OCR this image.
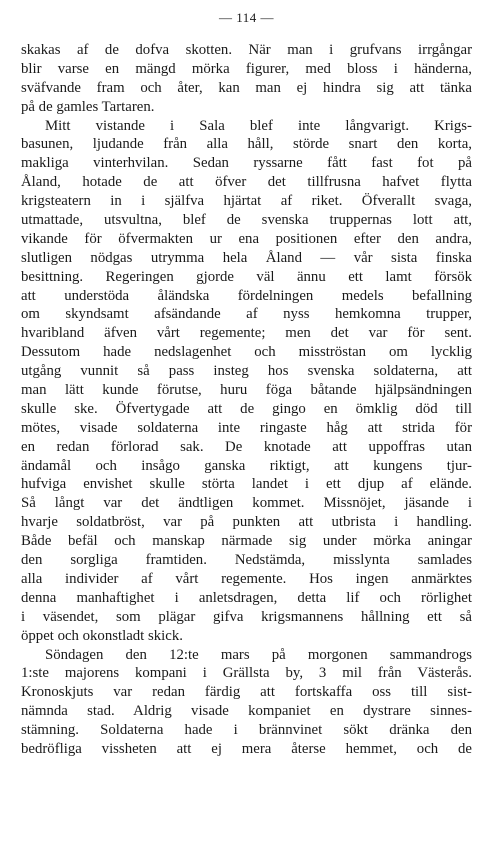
— 114 —
skakas af de dofva skotten. När man i grufvans irrgångar
blir varse en mängd mörka figurer, med bloss i händerna,
sväfvande fram och åter, kan man ej hindra sig att tänka
på de gamles Tartaren.
Mitt vistande i Sala blef inte långvarigt. Krigs-
basunen, ljudande från alla håll, störde snart den korta,
makliga vinterhvilan. Sedan ryssarne fått fast fot på
Åland, hotade de att öfver det tillfrusna hafvet flytta
krigsteatern in i själfva hjärtat af riket. Öfverallt svaga,
utmattade, utsvultna, blef de svenska truppernas lott att,
vikande för öfvermakten ur ena positionen efter den andra,
slutligen nödgas utrymma hela Åland — vår sista finska
besittning. Regeringen gjorde väl ännu ett lamt försök
att understöda åländska fördelningen medels befallning
om skyndsamt afsändande af nyss hemkomna trupper,
hvaribland äfven vårt regemente; men det var för sent.
Dessutom hade nedslagenhet och misströstan om lycklig
utgång vunnit så pass insteg hos svenska soldaterna, att
man lätt kunde förutse, huru föga båtande hjälpsändningen
skulle ske. Öfvertygade att de gingo en ömklig död till
mötes, visade soldaterna inte ringaste håg att strida för
en redan förlorad sak. De knotade att uppoffras utan
ändamål och insågo ganska riktigt, att kungens tjur-
hufviga envishet skulle störta landet i ett djup af elände.
Så långt var det ändtligen kommet. Missnöjet, jäsande i
hvarje soldatbröst, var på punkten att utbrista i handling.
Både befäl och manskap närmade sig under mörka aningar
den sorgliga framtiden. Nedstämda, misslynta samlades
alla individer af vårt regemente. Hos ingen anmärktes
denna manhaftighet i anletsdragen, detta lif och rörlighet
i väsendet, som plägar gifva krigsmannens hållning ett så
öppet och okonstladt skick.
Söndagen den 12:te mars på morgonen sammandrogs
1:ste majorens kompani i Grällsta by, 3 mil från Västerås.
Kronoskjuts var redan färdig att fortskaffa oss till sist-
nämnda stad. Aldrig visade kompaniet en dystrare sinnes-
stämning. Soldaterna hade i brännvinet sökt dränka den
bedröfliga vissheten att ej mera återse hemmet, och de
